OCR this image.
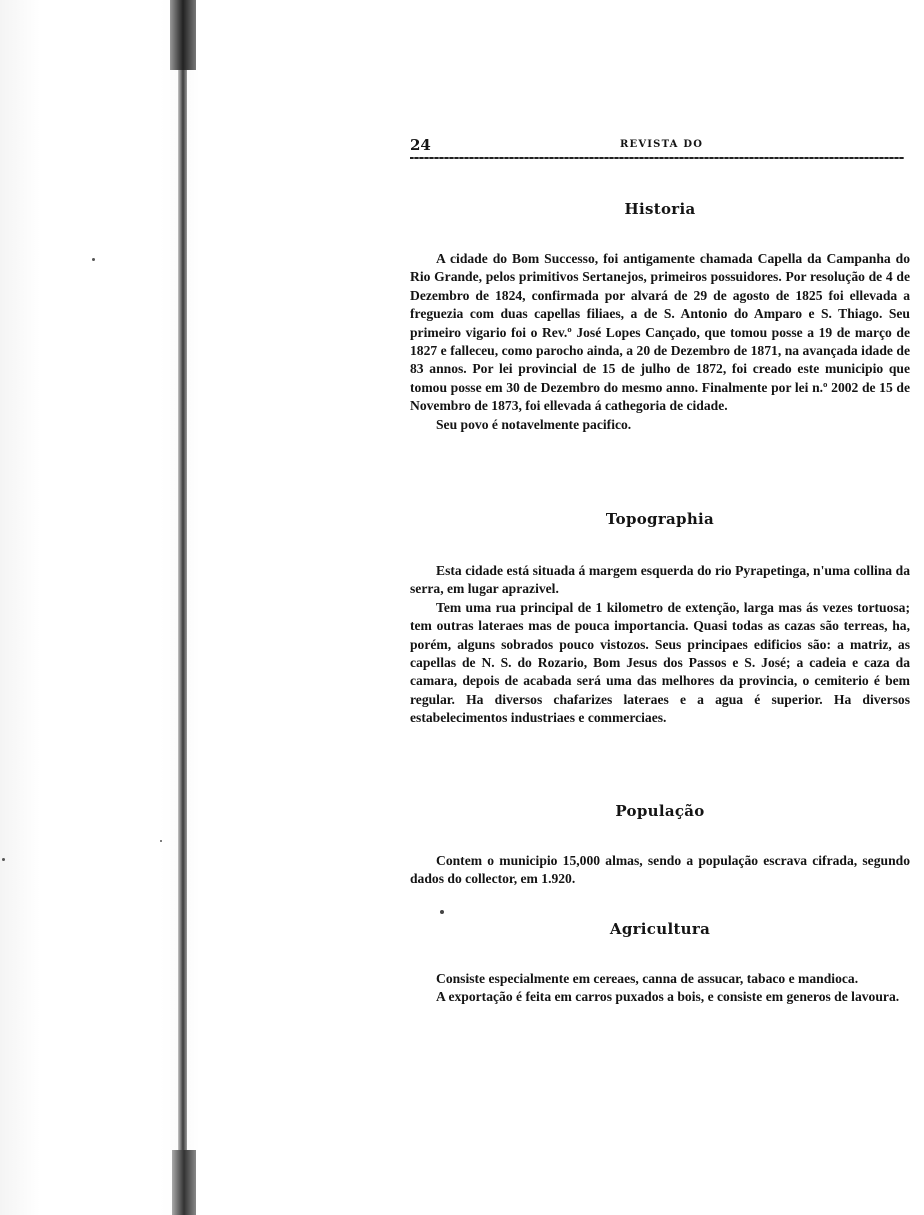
24	REVISTA DO
Historia

A cidade do Bom Successo, foi antigamente chamada Capella da Campanha do Rio Grande, pelos primitivos Sertanejos, primeiros possuidores. Por resolução de 4 de Dezembro de 1824, confirmada por alvará de 29 de agosto de 1825 foi ellevada a freguezia com duas capellas filiaes, a de S. Antonio do Amparo e S. Thiago. Seu primeiro vigario foi o Rev.º José Lopes Cançado, que tomou posse a 19 de março de 1827 e falleceu, como parocho ainda, a 20 de Dezembro de 1871, na avançada idade de 83 annos. Por lei provincial de 15 de julho de 1872, foi creado este municipio que tomou posse em 30 de Dezembro do mesmo anno. Finalmente por lei n.º 2002 de 15 de Novembro de 1873, foi ellevada á cathegoria de cidade.

Seu povo é notavelmente pacifico.

Topographia

Esta cidade está situada á margem esquerda do rio Pyrapetinga, n'uma collina da serra, em lugar aprazivel.

Tem uma rua principal de 1 kilometro de extenção, larga mas ás vezes tortuosa; tem outras lateraes mas de pouca importancia. Quasi todas as cazas são terreas, ha, porém, alguns sobrados pouco vistozos. Seus principaes edificios são: a matriz, as capellas de N. S. do Rozario, Bom Jesus dos Passos e S. José; a cadeia e caza da camara, depois de acabada será uma das melhores da provincia, o cemiterio é bem regular. Ha diversos chafarizes lateraes e a agua é superior. Ha diversos estabelecimentos industriaes e commerciaes.

População

Contem o municipio 15,000 almas, sendo a população escrava cifrada, segundo dados do collector, em 1.920.

Agricultura

Consiste especialmente em cereaes, canna de assucar, tabaco e mandioca.

A exportação é feita em carros puxados a bois, e consiste em generos de lavoura.
